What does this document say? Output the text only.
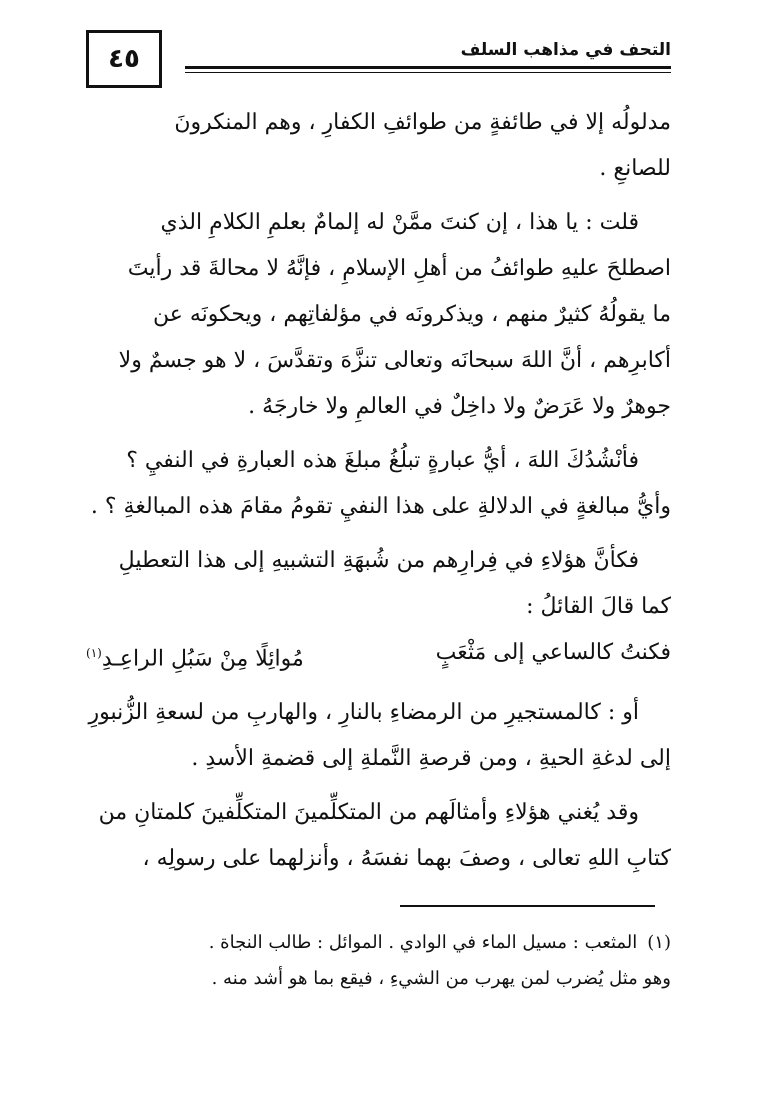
٤٥	التحف في مذاهب السلف

مدلولُه إلا في طائفةٍ من طوائفِ الكفارِ ، وهم المنكرونَ

للصانعِ .

قلت : يا هذا ، إن كنتَ ممَّنْ له إلمامٌ بعلمِ الكلامِ الذي

اصطلحَ عليهِ طوائفُ من أهلِ الإسلامِ ، فإنَّهُ لا محالةَ قد رأيتَ

ما يقولُهُ كثيرٌ منهم ، ويذكرونَه في مؤلفاتِهم ، ويحكونَه عن

أكابرِهم ، أنَّ اللهَ سبحانَه وتعالى تنزَّهَ وتقدَّسَ ، لا هو جسمٌ ولا

جوهرٌ ولا عَرَضٌ ولا داخِلٌ في العالمِ ولا خارجَهُ .

فأنْشُدُكَ اللهَ ، أيُّ عبارةٍ تبلُغُ مبلغَ هذه العبارةِ في النفيِ ؟

وأيُّ مبالغةٍ في الدلالةِ على هذا النفيِ تقومُ مقامَ هذه المبالغةِ ؟ .

فكأنَّ هؤلاءِ في فِرارِهم من شُبهَةِ التشبيهِ إلى هذا التعطيلِ

كما قالَ القائلُ :

فكنتُ كالساعي إلى مَثْعَبٍ
مُوائِلًا مِنْ سَبُلِ الراعِـدِ$^{(١)}$

أو : كالمستجيرِ من الرمضاءِ بالنارِ ، والهاربِ من لسعةِ الزُّنبورِ

إلى لدغةِ الحيةِ ، ومن قرصةِ النَّملةِ إلى قضمةِ الأسدِ .

وقد يُغني هؤلاءِ وأمثالَهم من المتكلِّمينَ المتكلِّفينَ كلمتانِ من

كتابِ اللهِ تعالى ، وصفَ بهما نفسَهُ ، وأنزلهما على رسولِه ،

(١)المثعب : مسيل الماء في الوادي . الموائل : طالب النجاة .

وهو مثل يُضرب لمن يهرب من الشيءِ ، فيقع بما هو أشد منه .
